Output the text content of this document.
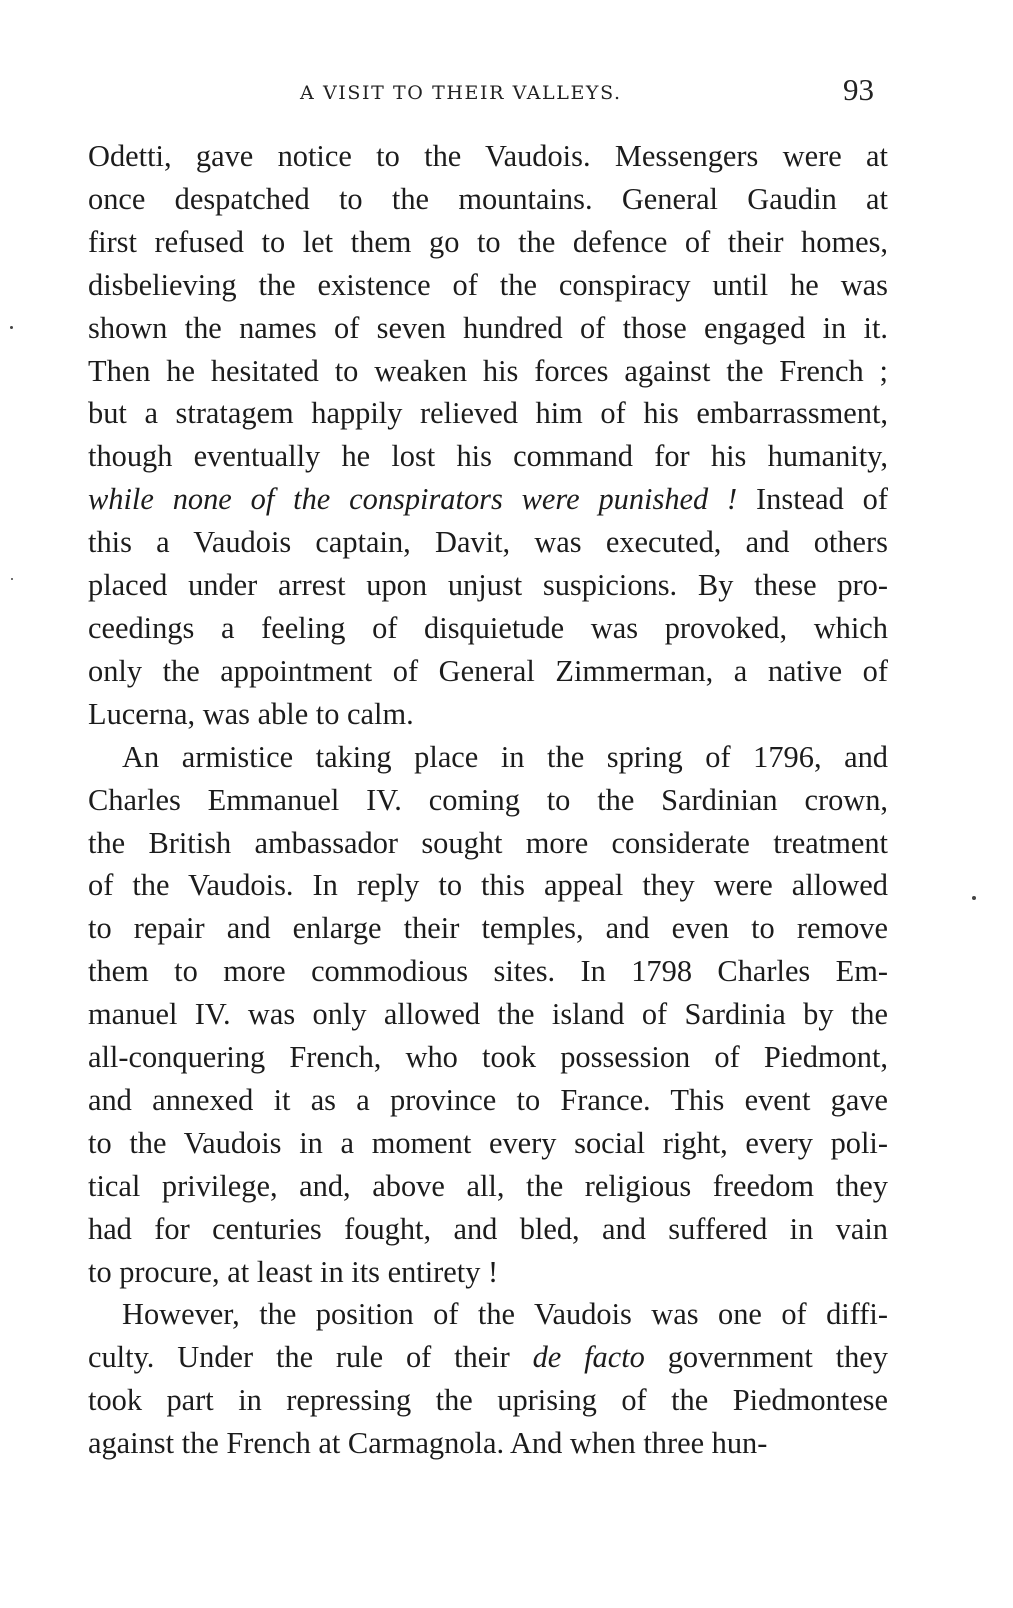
A VISIT TO THEIR VALLEYS.	93
Odetti, gave notice to the Vaudois. Messengers were at
once despatched to the mountains. General Gaudin at
first refused to let them go to the defence of their homes,
disbelieving the existence of the conspiracy until he was
shown the names of seven hundred of those engaged in it.
Then he hesitated to weaken his forces against the French ;
but a stratagem happily relieved him of his embarrassment,
though eventually he lost his command for his humanity,
while none of the conspirators were punished ! Instead of
this a Vaudois captain, Davit, was executed, and others
placed under arrest upon unjust suspicions. By these pro-
ceedings a feeling of disquietude was provoked, which
only the appointment of General Zimmerman, a native of
Lucerna, was able to calm.
An armistice taking place in the spring of 1796, and
Charles Emmanuel IV. coming to the Sardinian crown,
the British ambassador sought more considerate treatment
of the Vaudois. In reply to this appeal they were allowed
to repair and enlarge their temples, and even to remove
them to more commodious sites. In 1798 Charles Em-
manuel IV. was only allowed the island of Sardinia by the
all-conquering French, who took possession of Piedmont,
and annexed it as a province to France. This event gave
to the Vaudois in a moment every social right, every poli-
tical privilege, and, above all, the religious freedom they
had for centuries fought, and bled, and suffered in vain
to procure, at least in its entirety !
However, the position of the Vaudois was one of diffi-
culty. Under the rule of their de facto government they
took part in repressing the uprising of the Piedmontese
against the French at Carmagnola. And when three hun-
